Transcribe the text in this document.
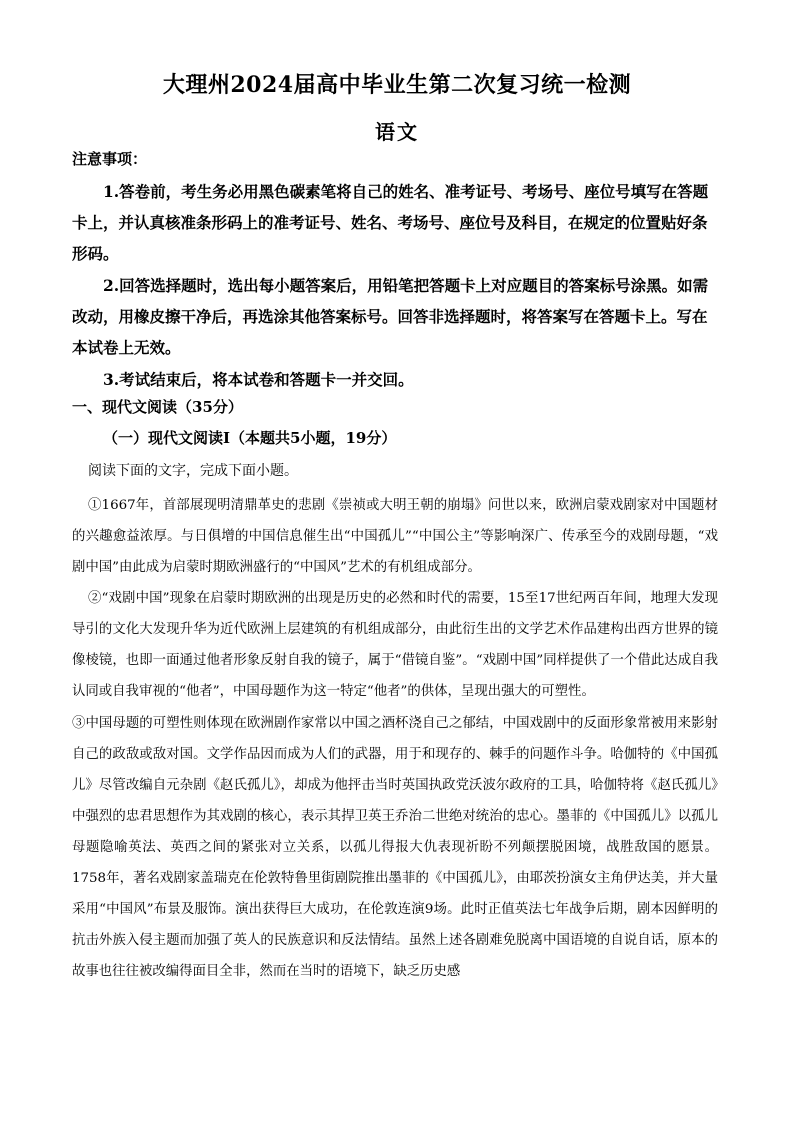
大理州2024届高中毕业生第二次复习统一检测
语文
注意事项：
1.答卷前，考生务必用黑色碳素笔将自己的姓名、准考证号、考场号、座位号填写在答题卡上，并认真核准条形码上的准考证号、姓名、考场号、座位号及科目，在规定的位置贴好条形码。
2.回答选择题时，选出每小题答案后，用铅笔把答题卡上对应题目的答案标号涂黑。如需改动，用橡皮擦干净后，再选涂其他答案标号。回答非选择题时，将答案写在答题卡上。写在本试卷上无效。
3.考试结束后，将本试卷和答题卡一并交回。
一、现代文阅读（35分）
（一）现代文阅读Ⅰ（本题共5小题，19分）
阅读下面的文字，完成下面小题。
①1667年，首部展现明清鼎革史的悲剧《崇祯或大明王朝的崩塌》问世以来，欧洲启蒙戏剧家对中国题材的兴趣愈益浓厚。与日俱增的中国信息催生出“中国孤儿”“中国公主”等影响深广、传承至今的戏剧母题，“戏剧中国”由此成为启蒙时期欧洲盛行的“中国风”艺术的有机组成部分。
②“戏剧中国”现象在启蒙时期欧洲的出现是历史的必然和时代的需要，15至17世纪两百年间，地理大发现导引的文化大发现升华为近代欧洲上层建筑的有机组成部分，由此衍生出的文学艺术作品建构出西方世界的镜像棱镜，也即一面通过他者形象反射自我的镜子，属于“借镜自鉴”。“戏剧中国”同样提供了一个借此达成自我认同或自我审视的“他者”，中国母题作为这一特定“他者”的供体，呈现出强大的可塑性。
③中国母题的可塑性则体现在欧洲剧作家常以中国之酒杯浇自己之郁结，中国戏剧中的反面形象常被用来影射自己的政敌或敌对国。文学作品因而成为人们的武器，用于和现存的、棘手的问题作斗争。哈伽特的《中国孤儿》尽管改编自元杂剧《赵氏孤儿》，却成为他抨击当时英国执政党沃波尔政府的工具，哈伽特将《赵氏孤儿》中强烈的忠君思想作为其戏剧的核心，表示其捍卫英王乔治二世绝对统治的忠心。墨菲的《中国孤儿》以孤儿母题隐喻英法、英西之间的紧张对立关系，以孤儿得报大仇表现祈盼不列颠摆脱困境，战胜敌国的愿景。1758年，著名戏剧家盖瑞克在伦敦特鲁里街剧院推出墨菲的《中国孤儿》，由耶茨扮演女主角伊达美，并大量采用“中国风”布景及服饰。演出获得巨大成功，在伦敦连演9场。此时正值英法七年战争后期，剧本因鲜明的抗击外族入侵主题而加强了英人的民族意识和反法情结。虽然上述各剧难免脱离中国语境的自说自话，原本的故事也往往被改编得面目全非，然而在当时的语境下，缺乏历史感
